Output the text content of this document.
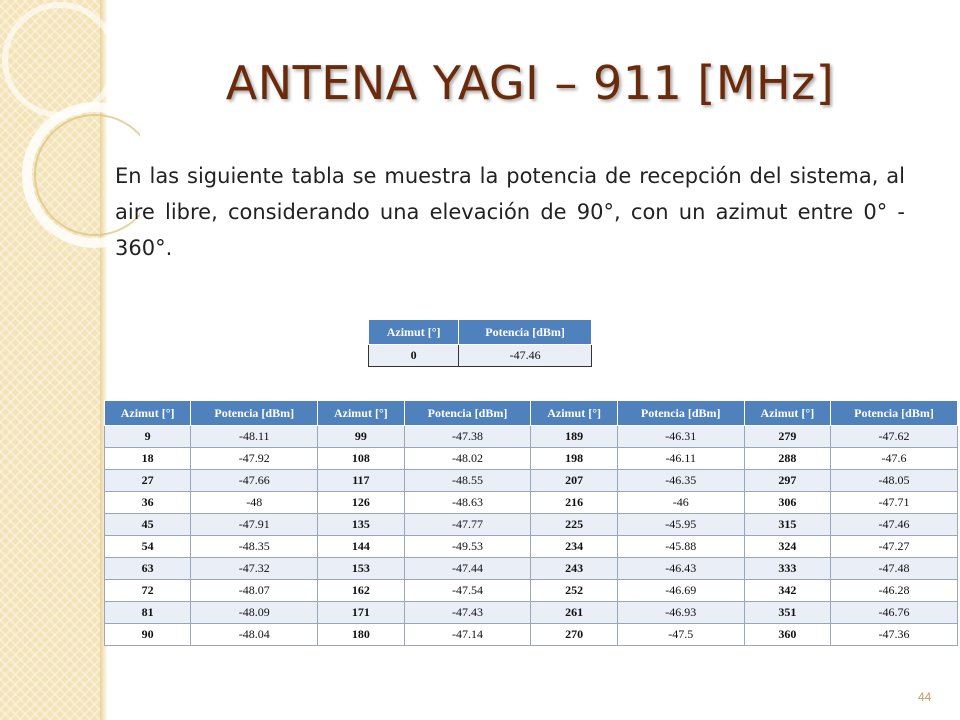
ANTENA YAGI – 911 [MHz]
En las siguiente tabla se muestra la potencia de recepción del sistema, al aire libre, considerando una elevación de 90°, con un azimut entre 0° - 360°.
Azimut [°]	Potencia [dBm]
0	-47.46
Azimut [°]	Potencia [dBm]	Azimut [°]	Potencia [dBm]	Azimut [°]	Potencia [dBm]	Azimut [°]	Potencia [dBm]
9	-48.11	99	-47.38	189	-46.31	279	-47.62
18	-47.92	108	-48.02	198	-46.11	288	-47.6
27	-47.66	117	-48.55	207	-46.35	297	-48.05
36	-48	126	-48.63	216	-46	306	-47.71
45	-47.91	135	-47.77	225	-45.95	315	-47.46
54	-48.35	144	-49.53	234	-45.88	324	-47.27
63	-47.32	153	-47.44	243	-46.43	333	-47.48
72	-48.07	162	-47.54	252	-46.69	342	-46.28
81	-48.09	171	-47.43	261	-46.93	351	-46.76
90	-48.04	180	-47.14	270	-47.5	360	-47.36
44
